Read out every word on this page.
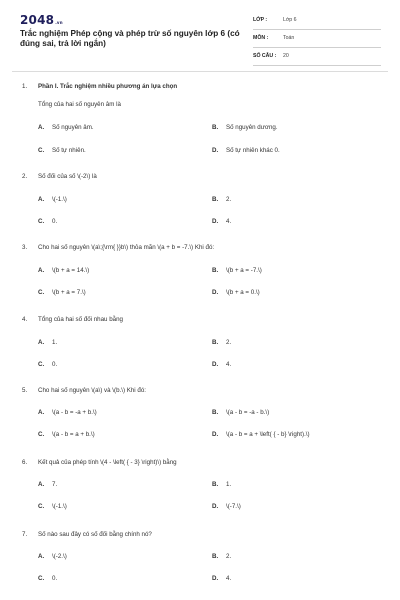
2048.vn
Trắc nghiệm Phép cộng và phép trừ số nguyên lớp 6 (có đúng sai, trả lời ngắn)
LỚP :	Lớp 6
MÔN :	Toán
SỐ CÂU : 20
1. Phần I. Trắc nghiệm nhiều phương án lựa chọn
Tổng của hai số nguyên âm là
A. Số nguyên âm.	B. Số nguyên dương.
C. Số tự nhiên.	D. Số tự nhiên khác 0.
2. Số đối của số \(-2\) là
A. \(-1.\)	B. 2.
C. 0.	D. 4.
3. Cho hai số nguyên \(a\;{\rm{ }}b\) thỏa mãn \(a + b = -7.\) Khi đó:
A. \(b + a = 14.\)	B. \(b + a = -7.\)
C. \(b + a = 7.\)	D. \(b + a = 0.\)
4. Tổng của hai số đối nhau bằng
A. 1.	B. 2.
C. 0.	D. 4.
5. Cho hai số nguyên \(a\) và \(b.\) Khi đó:
A. \(a - b = -a + b.\)	B. \(a - b = -a - b.\)
C. \(a - b = a + b.\)	D. \(a - b = a + \left( { - b} \right).\)
6. Kết quả của phép tính \(4 - \left( { - 3} \right)\) bằng
A. 7.	B. 1.
C. \(-1.\)	D. \(-7.\)
7. Số nào sau đây có số đối bằng chính nó?
A. \(-2.\)	B. 2.
C. 0.	D. 4.
